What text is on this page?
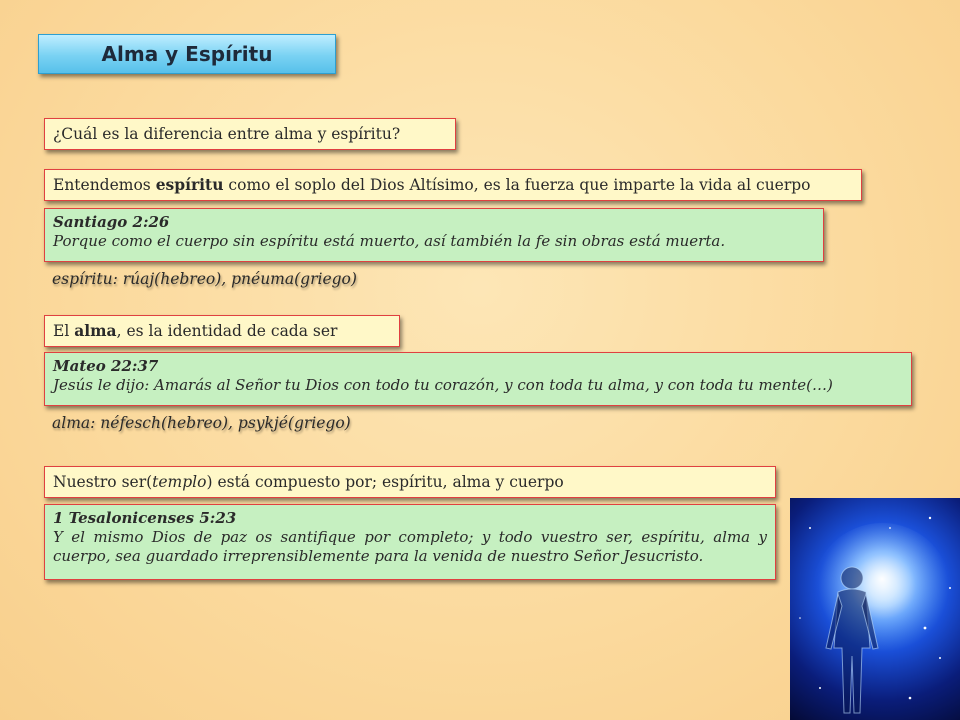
Alma y Espíritu
¿Cuál es la diferencia entre alma y espíritu?
Entendemos espíritu como el soplo del Dios Altísimo, es la fuerza que imparte la vida al cuerpo
Santiago 2:26
Porque como el cuerpo sin espíritu está muerto, así también la fe sin obras está muerta.
espíritu: rúaj(hebreo), pnéuma(griego)
El alma, es la identidad de cada ser
Mateo 22:37
Jesús le dijo: Amarás al Señor tu Dios con todo tu corazón, y con toda tu alma, y con toda tu mente(…)
alma: néfesch(hebreo), psykjé(griego)
Nuestro ser(templo) está compuesto por; espíritu, alma y cuerpo
1 Tesalonicenses 5:23
Y el mismo Dios de paz os santifique por completo; y todo vuestro ser, espíritu, alma y cuerpo, sea guardado irreprensiblemente para la venida de nuestro Señor Jesucristo.
